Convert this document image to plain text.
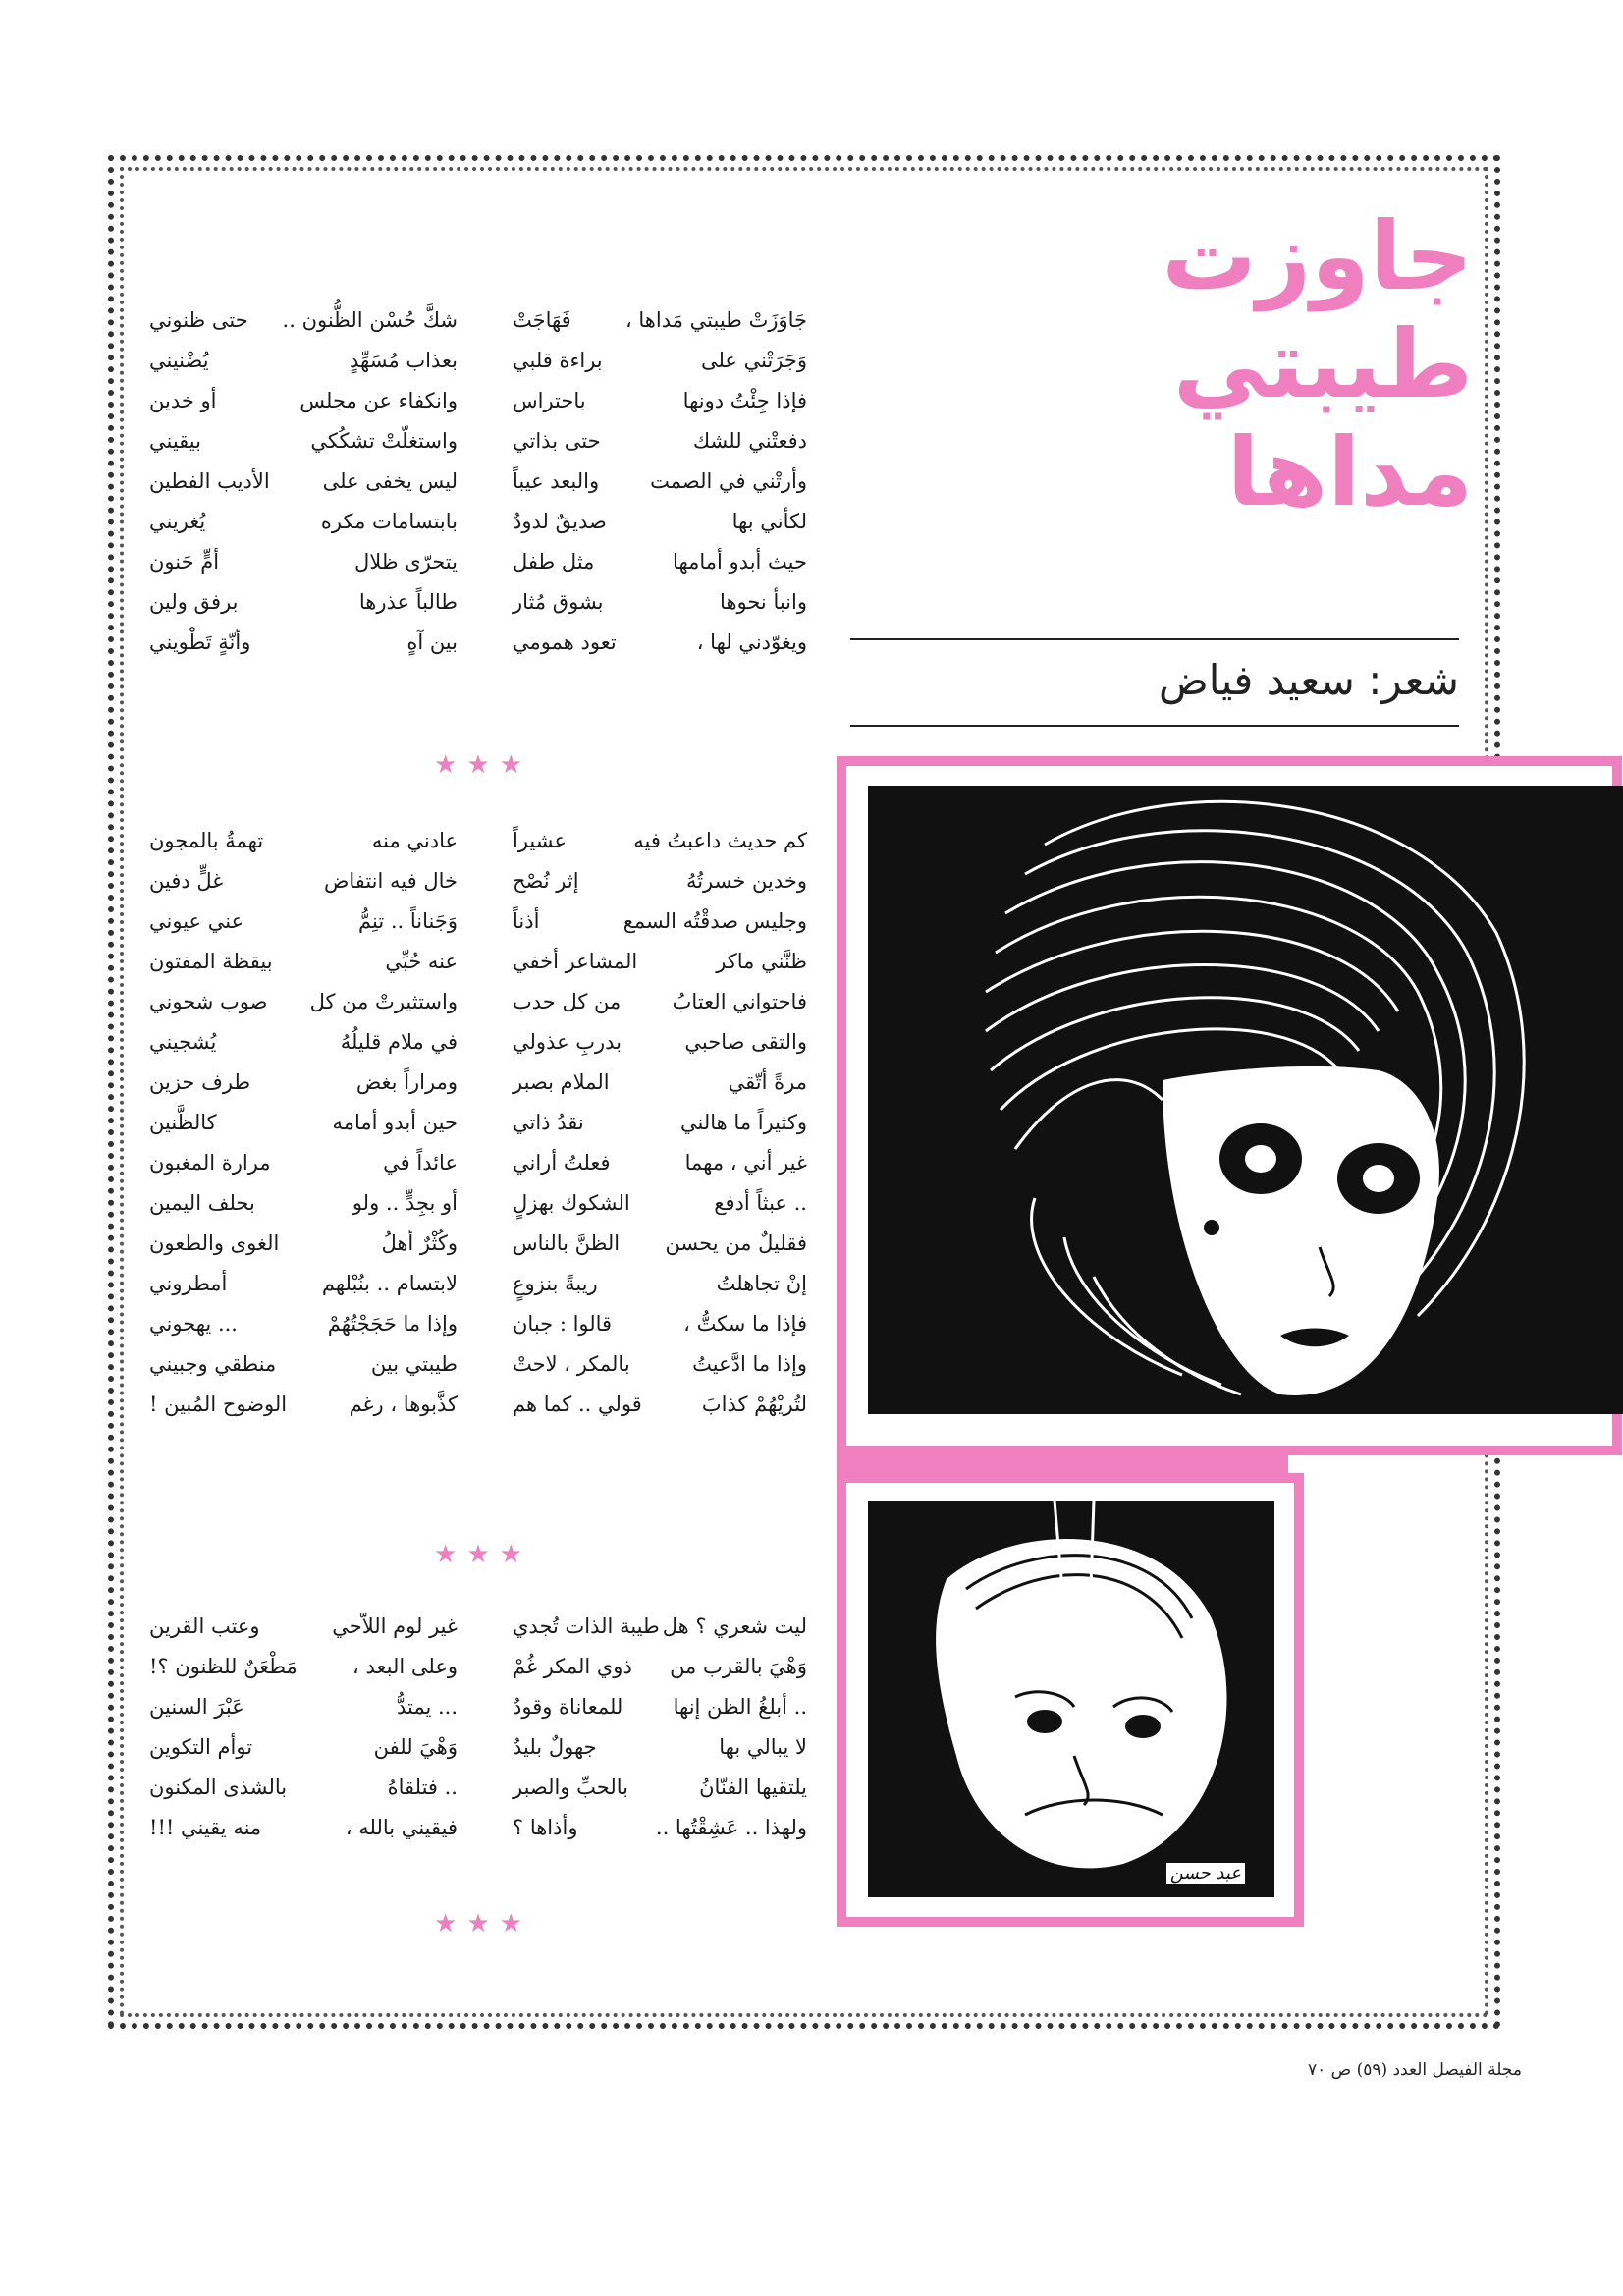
جاوزت
طيبتي
مداها
شعر: سعيد فياض
عبد حسن
جَاوَزَتْ طيبتي مَداها ،
فَهَاجَتْ
وَجَرَتْني على
براءة قلبي
فإذا جِئْتُ دونها
باحتراس
دفعتْني للشك
حتى بذاتي
وأرتْني في الصمت
والبعد عيباً
لكأني بها
صديقٌ لدودٌ
حيث أبدو أمامها
مثل طفل
وانبأ نحوها
بشوق مُثار
ويغوّدني لها ،
تعود همومي
شكَّ حُسْن الظُّنون ..
حتى ظنوني
بعذاب مُسَهِّدٍ
يُضْنيني
وانكفاء عن مجلس
أو خدين
واستغلّتْ تشكُكي
بيقيني
ليس يخفى على
الأديب الفطين
بابتسامات مكره
يُغريني
يتحرّى ظلال
أمٍّ حَنون
طالباً عذرها
برفق ولين
بين آهٍ
وأنّةٍ تَطْويني
★★★
كم حديث داعبتُ فيه
عشيراً
وخدين خسرتُهُ
إثر نُصْح
وجليس صدقْتُه السمع
أذناً
ظنَّني ماكر
المشاعر أخفي
فاحتواني العتابُ
من كل حدب
والتقى صاحبي
بدربِ عذولي
مرةً أتّقي
الملام بصبر
وكثيراً ما هالني
نقدُ ذاتي
غير أني ، مهما
فعلتُ أراني
.. عبثاً أدفع
الشكوك بهزلٍ
فقليلٌ من يحسن
الظنَّ بالناس
إنْ تجاهلتُ
ريبةً بنزوعٍ
فإذا ما سكتُّ ،
قالوا : جبان
وإذا ما ادَّعيتُ
بالمكر ، لاحتْ
لتُريْهُمْ كذابَ
قولي .. كما هم
عادني منه
تهمةُ بالمجون
خال فيه انتفاض
غلٍّ دفين
وَجَناناً .. تنِمُّ
عني عيوني
عنه حُبِّي
بيقظة المفتون
واستثيرتْ من كل
صوب شجوني
في ملام قليلُهُ
يُشجيني
ومراراً بغض
طرف حزين
حين أبدو أمامه
كالظَّنين
عائداً في
مرارة المغبون
أو بجِدٍّ .. ولو
بحلف اليمين
وكُثْرٌ أهلُ
الغوى والطعون
لابتسام .. بنُبْلهم
أمطروني
وإذا ما حَجَجْتُهُمْ
... يهجوني
طيبتي بين
منطقي وجبيني
كذَّبوها ، رغم
الوضوح المُبين !
★★★
ليت شعري ؟ هل
طيبة الذات تُجدي
وَهْيَ بالقرب من
ذوي المكر غُمْ
.. أبلغُ الظن إنها
للمعاناة وقودٌ
لا يبالي بها
جهولٌ بليدٌ
يلتقيها الفنّانُ
بالحبِّ والصبر
ولهذا .. عَشِقْتُها ..
وأذاها ؟
غير لوم اللاّحي
وعتب القرين
وعلى البعد ،
مَطْعَنٌ للظنون ؟!
... يمتدُّ
عَبْرَ السنين
وَهْيَ للفن
توأم التكوين
.. فتلقاهُ
بالشذى المكنون
فيقيني بالله ،
منه يقيني !!!
★★★
مجلة الفيصل العدد (٥٩) ص ٧٠
